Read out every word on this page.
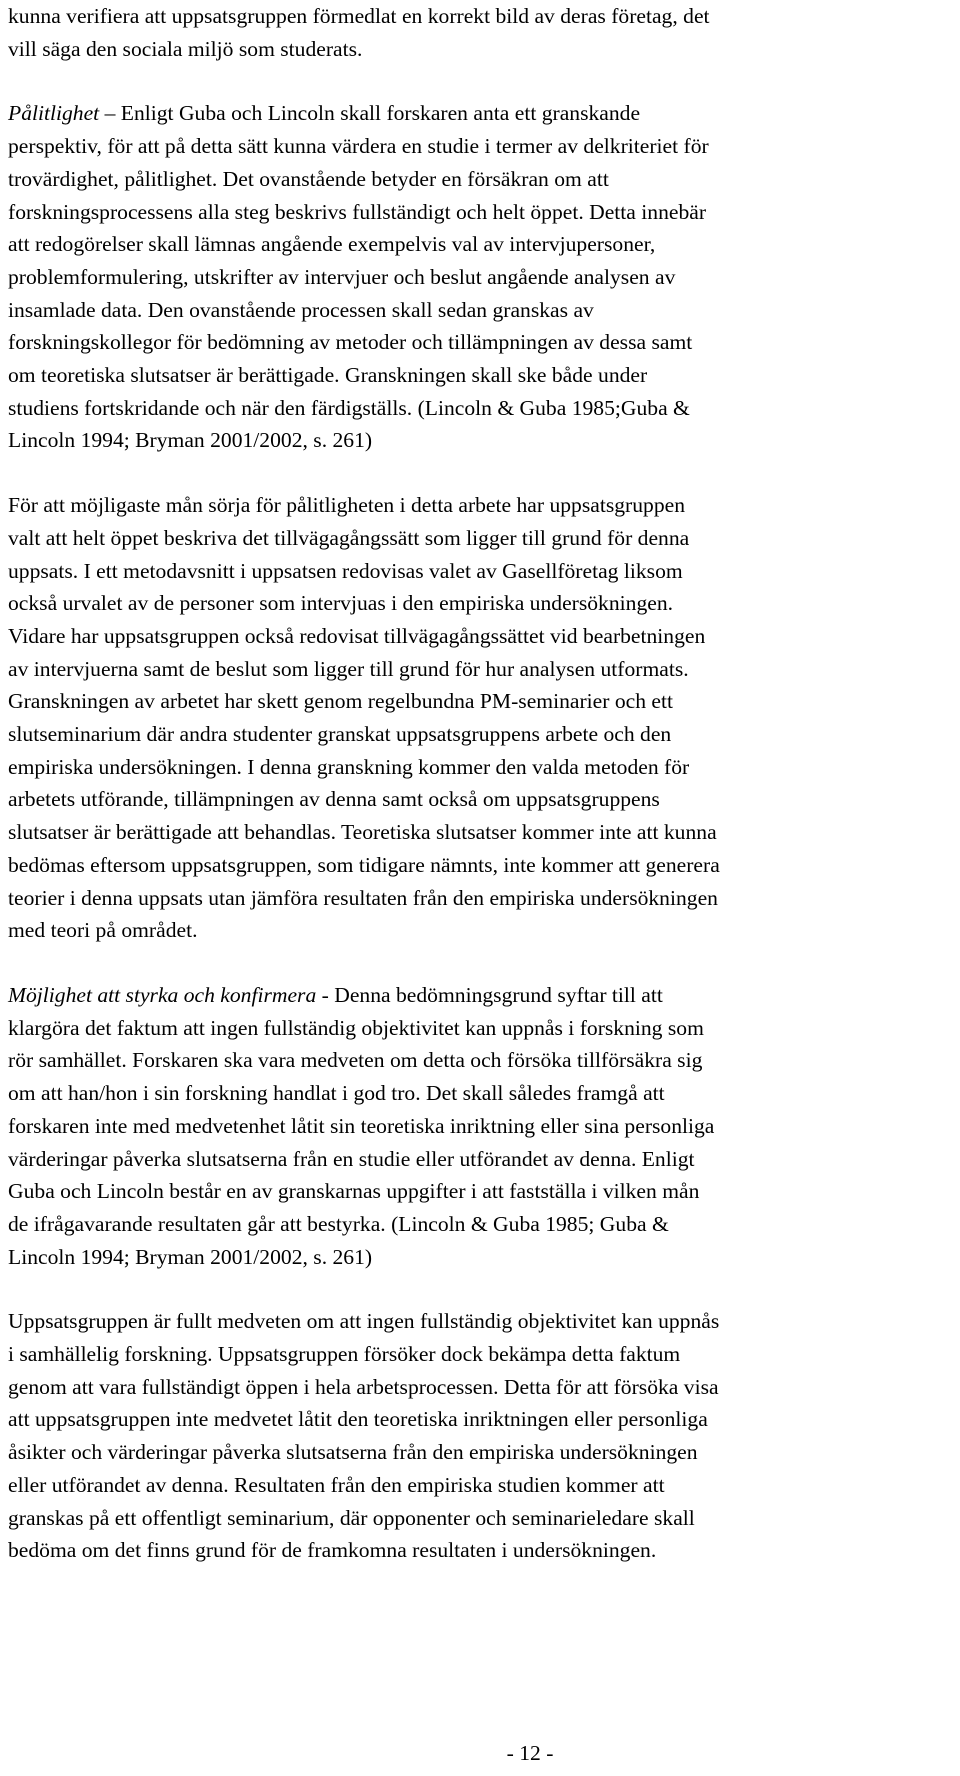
kunna verifiera att uppsatsgruppen förmedlat en korrekt bild av deras företag, det
vill säga den sociala miljö som studerats.

Pålitlighet – Enligt Guba och Lincoln skall forskaren anta ett granskande
perspektiv, för att på detta sätt kunna värdera en studie i termer av delkriteriet för
trovärdighet, pålitlighet. Det ovanstående betyder en försäkran om att
forskningsprocessens alla steg beskrivs fullständigt och helt öppet. Detta innebär
att redogörelser skall lämnas angående exempelvis val av intervjupersoner,
problemformulering, utskrifter av intervjuer och beslut angående analysen av
insamlade data. Den ovanstående processen skall sedan granskas av
forskningskollegor för bedömning av metoder och tillämpningen av dessa samt
om teoretiska slutsatser är berättigade. Granskningen skall ske både under
studiens fortskridande och när den färdigställs. (Lincoln & Guba 1985;Guba &
Lincoln 1994; Bryman 2001/2002, s. 261)

För att möjligaste mån sörja för pålitligheten i detta arbete har uppsatsgruppen
valt att helt öppet beskriva det tillvägagångssätt som ligger till grund för denna
uppsats. I ett metodavsnitt i uppsatsen redovisas valet av Gasellföretag liksom
också urvalet av de personer som intervjuas i den empiriska undersökningen.
Vidare har uppsatsgruppen också redovisat tillvägagångssättet vid bearbetningen
av intervjuerna samt de beslut som ligger till grund för hur analysen utformats.
Granskningen av arbetet har skett genom regelbundna PM-seminarier och ett
slutseminarium där andra studenter granskat uppsatsgruppens arbete och den
empiriska undersökningen. I denna granskning kommer den valda metoden för
arbetets utförande, tillämpningen av denna samt också om uppsatsgruppens
slutsatser är berättigade att behandlas. Teoretiska slutsatser kommer inte att kunna
bedömas eftersom uppsatsgruppen, som tidigare nämnts, inte kommer att generera
teorier i denna uppsats utan jämföra resultaten från den empiriska undersökningen
med teori på området.

Möjlighet att styrka och konfirmera - Denna bedömningsgrund syftar till att
klargöra det faktum att ingen fullständig objektivitet kan uppnås i forskning som
rör samhället. Forskaren ska vara medveten om detta och försöka tillförsäkra sig
om att han/hon i sin forskning handlat i god tro. Det skall således framgå att
forskaren inte med medvetenhet låtit sin teoretiska inriktning eller sina personliga
värderingar påverka slutsatserna från en studie eller utförandet av denna. Enligt
Guba och Lincoln består en av granskarnas uppgifter i att fastställa i vilken mån
de ifrågavarande resultaten går att bestyrka. (Lincoln & Guba 1985; Guba &
Lincoln 1994; Bryman 2001/2002, s. 261)

Uppsatsgruppen är fullt medveten om att ingen fullständig objektivitet kan uppnås
i samhällelig forskning. Uppsatsgruppen försöker dock bekämpa detta faktum
genom att vara fullständigt öppen i hela arbetsprocessen. Detta för att försöka visa
att uppsatsgruppen inte medvetet låtit den teoretiska inriktningen eller personliga
åsikter och värderingar påverka slutsatserna från den empiriska undersökningen
eller utförandet av denna. Resultaten från den empiriska studien kommer att
granskas på ett offentligt seminarium, där opponenter och seminarieledare skall
bedöma om det finns grund för de framkomna resultaten i undersökningen.

- 12 -
